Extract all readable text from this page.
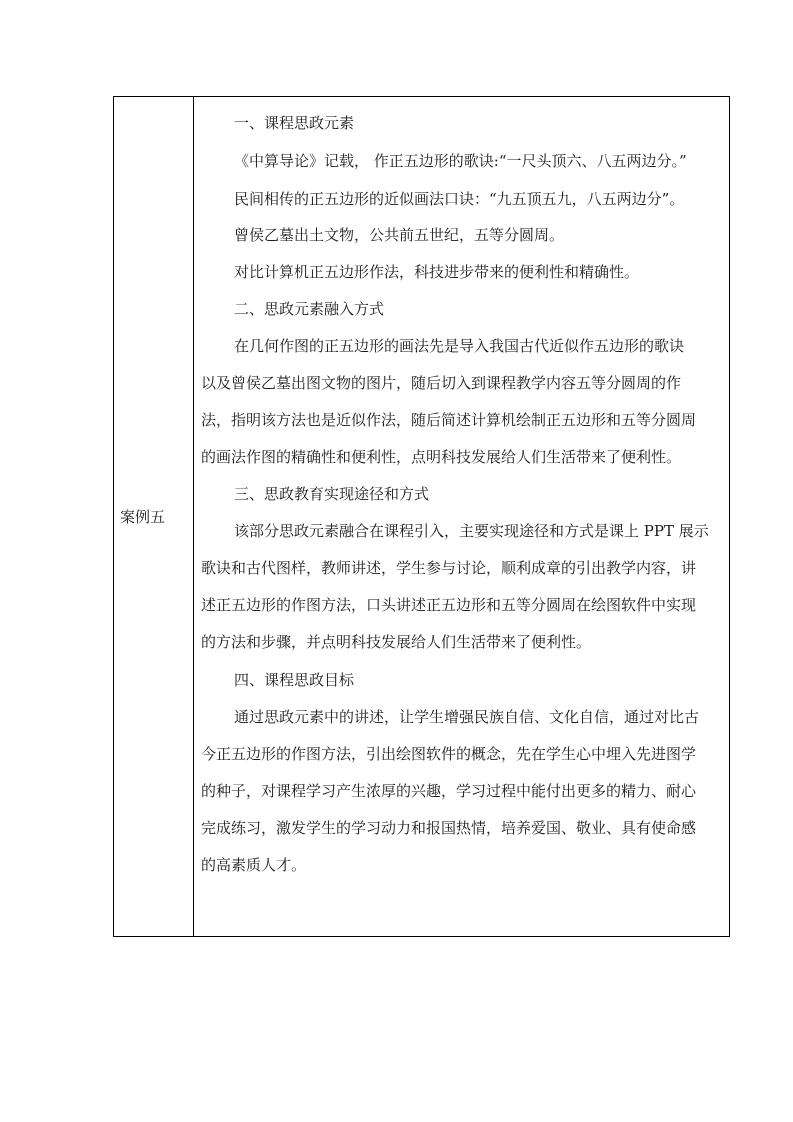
案例五
一、课程思政元素
《中算导论》记载， 作正五边形的歌诀:“一尺头顶六、八五两边分。”
民间相传的正五边形的近似画法口诀：“九五顶五九，八五两边分”。
曾侯乙墓出土文物，公共前五世纪，五等分圆周。
对比计算机正五边形作法，科技进步带来的便利性和精确性。
二、思政元素融入方式
在几何作图的正五边形的画法先是导入我国古代近似作五边形的歌诀
以及曾侯乙墓出图文物的图片，随后切入到课程教学内容五等分圆周的作
法，指明该方法也是近似作法，随后简述计算机绘制正五边形和五等分圆周
的画法作图的精确性和便利性，点明科技发展给人们生活带来了便利性。
三、思政教育实现途径和方式
该部分思政元素融合在课程引入，主要实现途径和方式是课上 PPT 展示
歌诀和古代图样，教师讲述，学生参与讨论，顺利成章的引出教学内容，讲
述正五边形的作图方法，口头讲述正五边形和五等分圆周在绘图软件中实现
的方法和步骤，并点明科技发展给人们生活带来了便利性。
四、课程思政目标
通过思政元素中的讲述，让学生增强民族自信、文化自信，通过对比古
今正五边形的作图方法，引出绘图软件的概念，先在学生心中埋入先进图学
的种子，对课程学习产生浓厚的兴趣，学习过程中能付出更多的精力、耐心
完成练习，激发学生的学习动力和报国热情，培养爱国、敬业、具有使命感
的高素质人才。
